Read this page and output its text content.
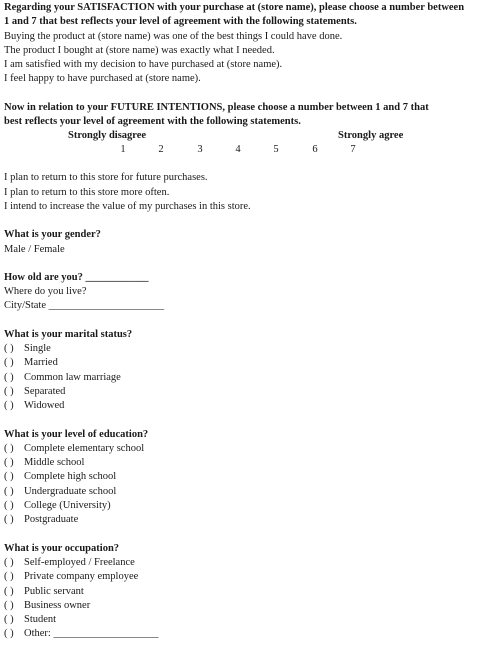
Regarding your SATISFACTION with your purchase at (store name), please choose a number between
1 and 7 that best reflects your level of agreement with the following statements.
Buying the product at (store name) was one of the best things I could have done.
The product I bought at (store name) was exactly what I needed.
I am satisfied with my decision to have purchased at (store name).
I feel happy to have purchased at (store name).
Now in relation to your FUTURE INTENTIONS, please choose a number between 1 and 7 that
best reflects your level of agreement with the following statements.
Strongly disagree	Strongly agree
1	2	3	4	5	6	7
I plan to return to this store for future purchases.
I plan to return to this store more often.
I intend to increase the value of my purchases in this store.
What is your gender?
Male / Female
How old are you? ____________
Where do you live?
City/State ______________________
What is your marital status?
( ) Single
( ) Married
( ) Common law marriage
( ) Separated
( ) Widowed
What is your level of education?
( ) Complete elementary school
( ) Middle school
( ) Complete high school
( ) Undergraduate school
( ) College (University)
( ) Postgraduate
What is your occupation?
( ) Self-employed / Freelance
( ) Private company employee
( ) Public servant
( ) Business owner
( ) Student
( ) Other: ____________________
